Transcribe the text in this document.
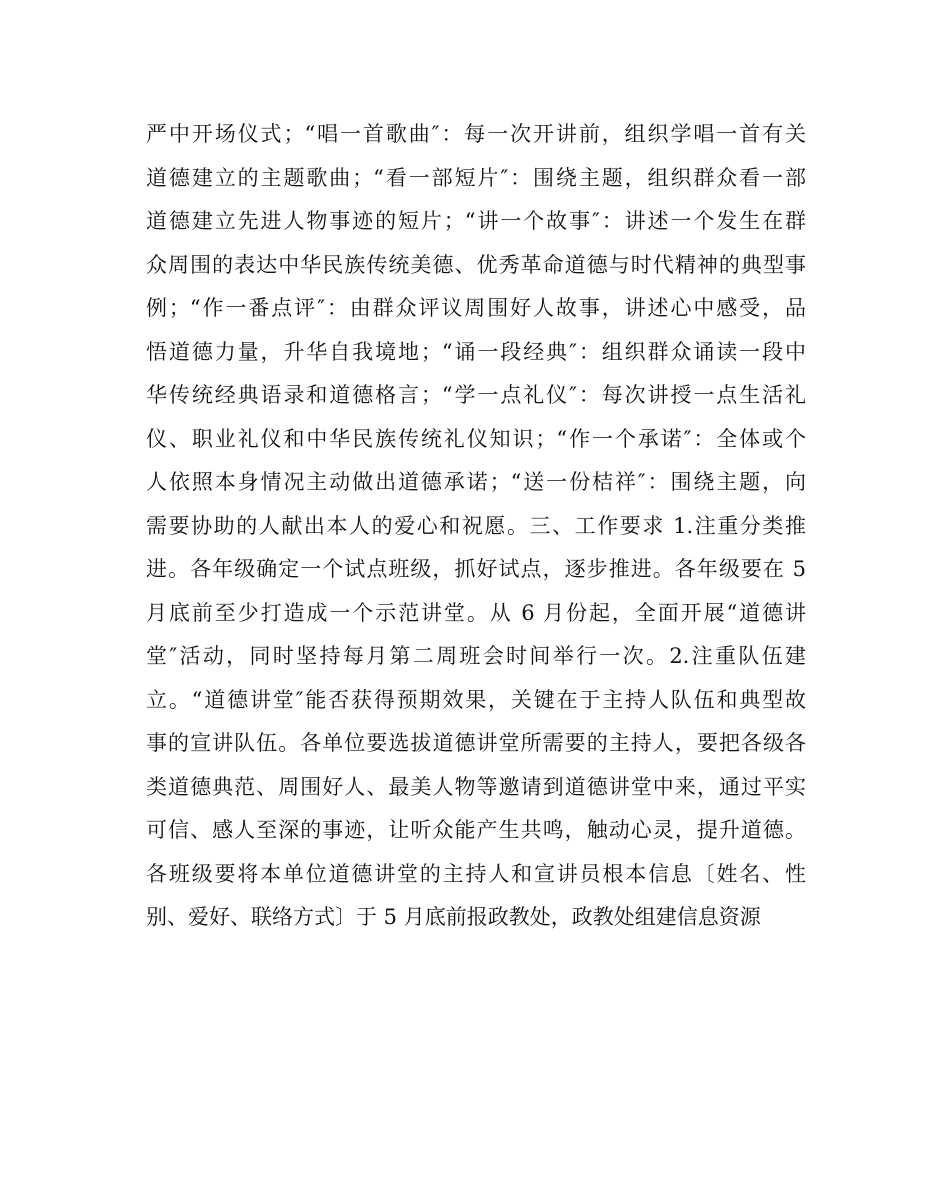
严中开场仪式；“唱一首歌曲″：每一次开讲前，组织学唱一首有关
道德建立的主题歌曲；“看一部短片″：围绕主题，组织群众看一部
道德建立先进人物事迹的短片；“讲一个故事″：讲述一个发生在群
众周围的表达中华民族传统美德、优秀革命道德与时代精神的典型事
例；“作一番点评″：由群众评议周围好人故事，讲述心中感受，品
悟道德力量，升华自我境地；“诵一段经典″：组织群众诵读一段中
华传统经典语录和道德格言；“学一点礼仪″：每次讲授一点生活礼
仪、职业礼仪和中华民族传统礼仪知识；“作一个承诺″：全体或个
人依照本身情况主动做出道德承诺；“送一份桔祥″：围绕主题，向
需要协助的人献出本人的爱心和祝愿。三、工作要求 1.注重分类推
进。各年级确定一个试点班级，抓好试点，逐步推进。各年级要在 5
月底前至少打造成一个示范讲堂。从 6 月份起，全面开展“道德讲
堂″活动，同时坚持每月第二周班会时间举行一次。2.注重队伍建
立。“道德讲堂″能否获得预期效果，关键在于主持人队伍和典型故
事的宣讲队伍。各单位要选拔道德讲堂所需要的主持人，要把各级各
类道德典范、周围好人、最美人物等邀请到道德讲堂中来，通过平实
可信、感人至深的事迹，让听众能产生共鸣，触动心灵，提升道德。
各班级要将本单位道德讲堂的主持人和宣讲员根本信息〔姓名、性
别、爱好、联络方式〕于 5 月底前报政教处，政教处组建信息资源
